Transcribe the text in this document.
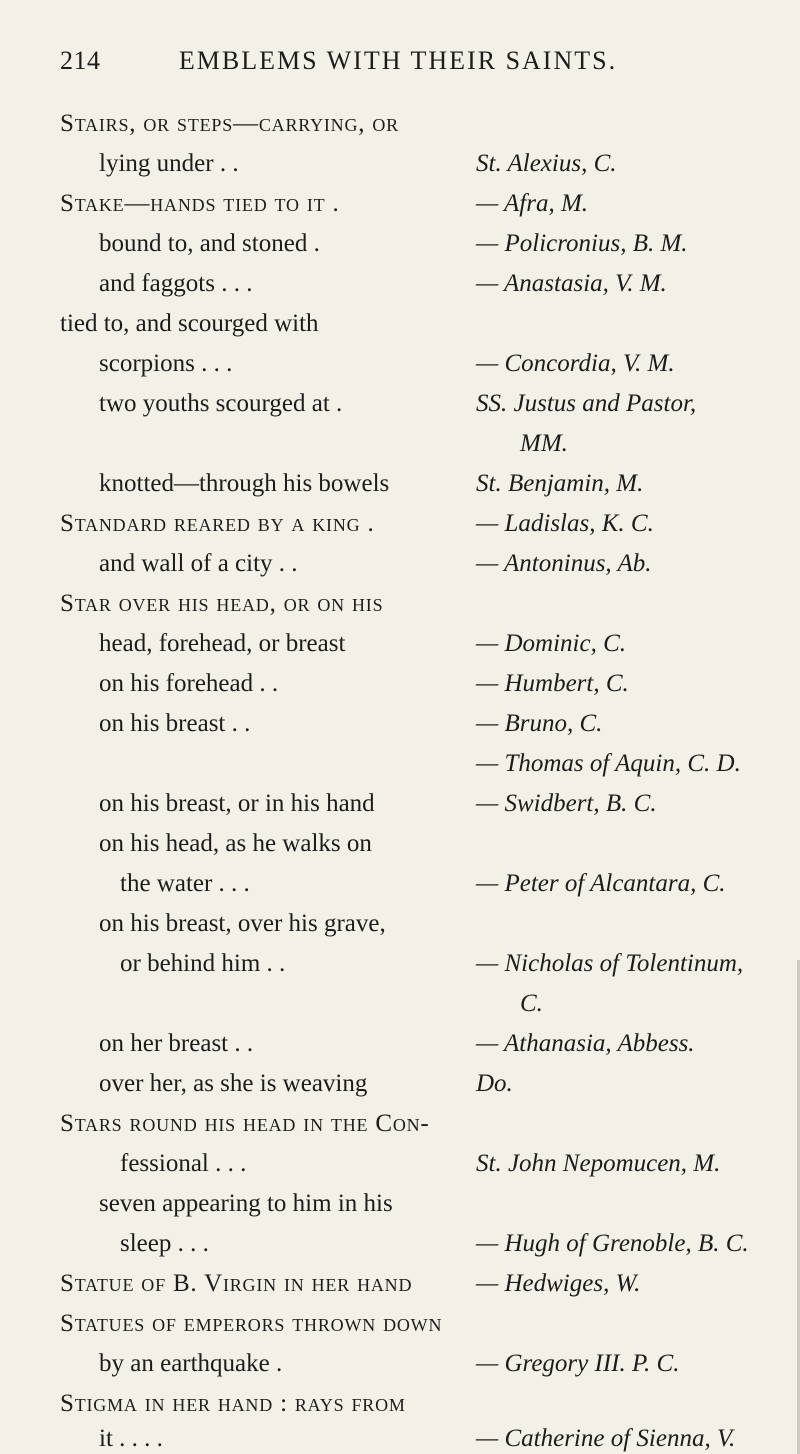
214	EMBLEMS WITH THEIR SAINTS.
Stairs, or steps—carrying, or
lying under . .	St. Alexius, C.
Stake—hands tied to it .	— Afra, M.
bound to, and stoned .	— Policronius, B. M.
and faggots . . .	— Anastasia, V. M.
tied to, and scourged with
scorpions . . .	— Concordia, V. M.
two youths scourged at .	SS. Justus and Pastor,
MM.
knotted—through his bowels	St. Benjamin, M.
Standard reared by a king .	— Ladislas, K. C.
and wall of a city . .	— Antoninus, Ab.
Star over his head, or on his
head, forehead, or breast	— Dominic, C.
on his forehead . .	— Humbert, C.
on his breast . .	— Bruno, C.
— Thomas of Aquin, C. D.
on his breast, or in his hand	— Swidbert, B. C.
on his head, as he walks on
the water . . .	— Peter of Alcantara, C.
on his breast, over his grave,
or behind him . .	— Nicholas of Tolentinum,
C.
on her breast . .	— Athanasia, Abbess.
over her, as she is weaving	Do.
Stars round his head in the Con-
fessional . . .	St. John Nepomucen, M.
seven appearing to him in his
sleep . . .	— Hugh of Grenoble, B. C.
Statue of B. Virgin in her hand	— Hedwiges, W.
Statues of emperors thrown down
by an earthquake .	— Gregory III. P. C.
Stigma in her hand : rays from
it . . . .	— Catherine of Sienna, V.
